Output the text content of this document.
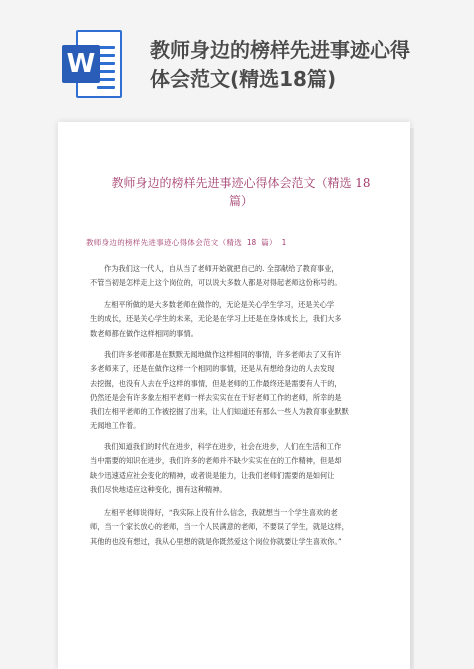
W	教师身边的榜样先进事迹心得
体会范文(精选18篇)

教师身边的榜样先进事迹心得体会范文（精选 18
篇）
教师身边的榜样先进事迹心得体会范文（精选 18 篇） 1
作为我们这一代人，自从当了老师开始就把自己的. 全部献给了教育事业，
不管当初是怎样走上这个岗位的，可以说大多数人都是对得起老师这份称号的。
左相平所做的是大多数老师在做作的，无论是关心学生学习，还是关心学
生的成长，还是关心学生的未来，无论是在学习上还是在身体成长上，我们大多
数老师都在做作这样相同的事情。
我们许多老师都是在默默无闻地做作这样相同的事情，许多老师去了又有许
多老师来了，还是在做作这样一个相同的事情，还是从有想给身边的人去发现
去挖掘，也没有人去在乎这样的事情，但是老师的工作最终还是需要有人干的，
仍然还是会有许多象左相平老师一样去实实在在干好老师工作的老师，所幸的是
我们左相平老师的工作被挖掘了出来，让人们知道还有那么一些人为教育事业默默
无闻地工作着。
我们知道我们的时代在进步，科学在进步，社会在进步，人们在生活和工作
当中需要的知识在进步，我们许多的老师并不缺少实实在在的工作精神，但是却
缺少迅速适应社会变化的精神，或者说是能力，让我们老师们需要的是如何让
我们尽快地适应这种变化，拥有这种精神。
左相平老师说得好，“我实际上没有什么信念，我就想当一个学生喜欢的老
师，当一个家长放心的老师，当一个人民满意的老师，不要误了学生，就是这样，
其他的也没有想过，我从心里想的就是你既然爱这个岗位你就要让学生喜欢你。”
